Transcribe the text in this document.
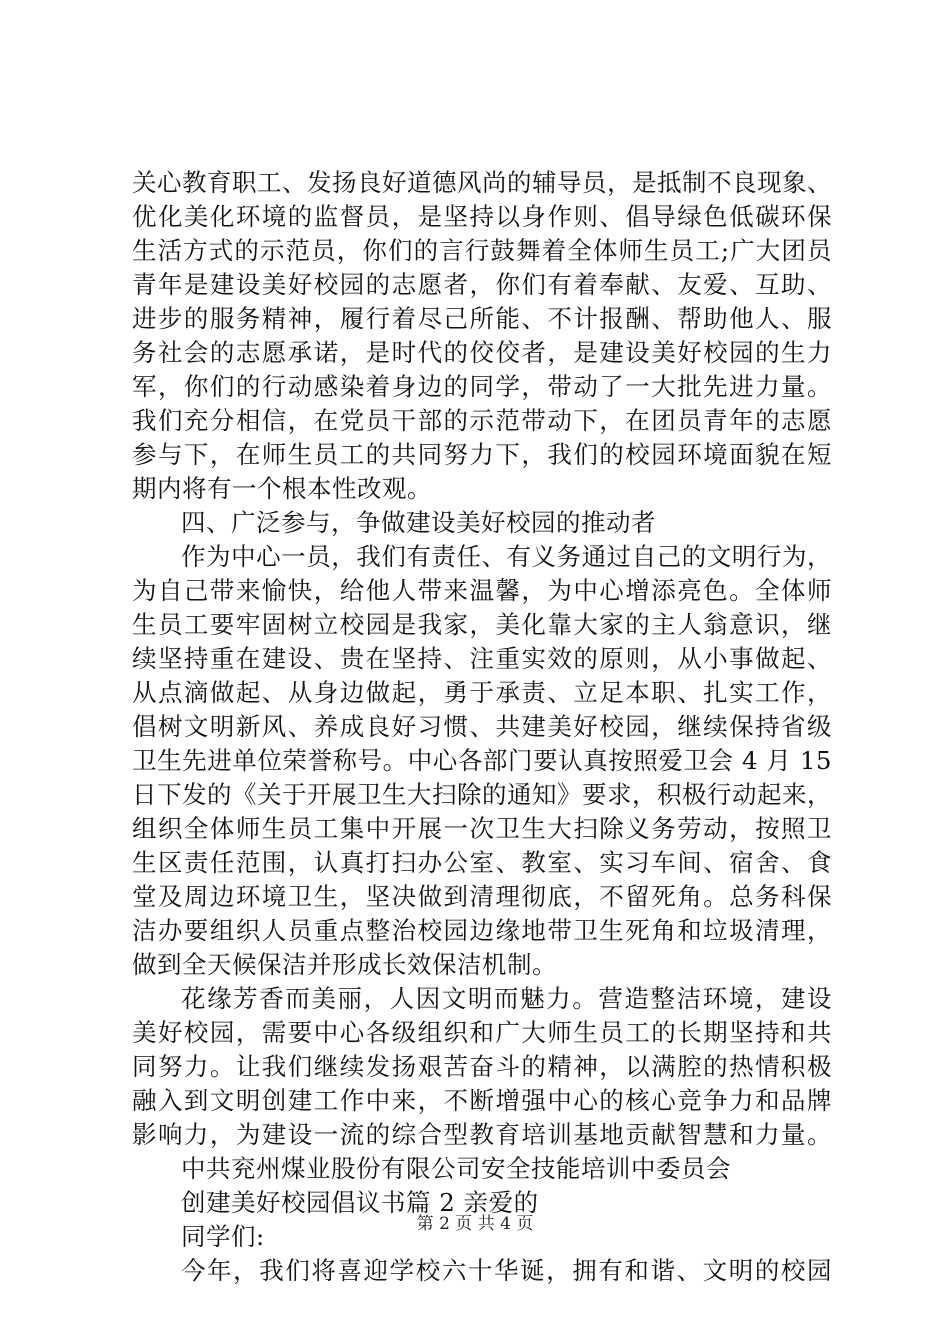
关心教育职工、发扬良好道德风尚的辅导员，是抵制不良现象、
优化美化环境的监督员，是坚持以身作则、倡导绿色低碳环保
生活方式的示范员，你们的言行鼓舞着全体师生员工;广大团员
青年是建设美好校园的志愿者，你们有着奉献、友爱、互助、
进步的服务精神，履行着尽己所能、不计报酬、帮助他人、服
务社会的志愿承诺，是时代的佼佼者，是建设美好校园的生力
军，你们的行动感染着身边的同学，带动了一大批先进力量。
我们充分相信，在党员干部的示范带动下，在团员青年的志愿
参与下，在师生员工的共同努力下，我们的校园环境面貌在短
期内将有一个根本性改观。
四、广泛参与，争做建设美好校园的推动者
作为中心一员，我们有责任、有义务通过自己的文明行为，
为自己带来愉快，给他人带来温馨，为中心增添亮色。全体师
生员工要牢固树立校园是我家，美化靠大家的主人翁意识，继
续坚持重在建设、贵在坚持、注重实效的原则，从小事做起、
从点滴做起、从身边做起，勇于承责、立足本职、扎实工作，
倡树文明新风、养成良好习惯、共建美好校园，继续保持省级
卫生先进单位荣誉称号。中心各部门要认真按照爱卫会 4 月 15
日下发的《关于开展卫生大扫除的通知》要求，积极行动起来，
组织全体师生员工集中开展一次卫生大扫除义务劳动，按照卫
生区责任范围，认真打扫办公室、教室、实习车间、宿舍、食
堂及周边环境卫生，坚决做到清理彻底，不留死角。总务科保
洁办要组织人员重点整治校园边缘地带卫生死角和垃圾清理，
做到全天候保洁并形成长效保洁机制。
花缘芳香而美丽，人因文明而魅力。营造整洁环境，建设
美好校园，需要中心各级组织和广大师生员工的长期坚持和共
同努力。让我们继续发扬艰苦奋斗的精神，以满腔的热情积极
融入到文明创建工作中来，不断增强中心的核心竞争力和品牌
影响力，为建设一流的综合型教育培训基地贡献智慧和力量。
中共兖州煤业股份有限公司安全技能培训中委员会
创建美好校园倡议书篇 2 亲爱的
同学们:
今年，我们将喜迎学校六十华诞，拥有和谐、文明的校园
第 2 页 共 4 页
